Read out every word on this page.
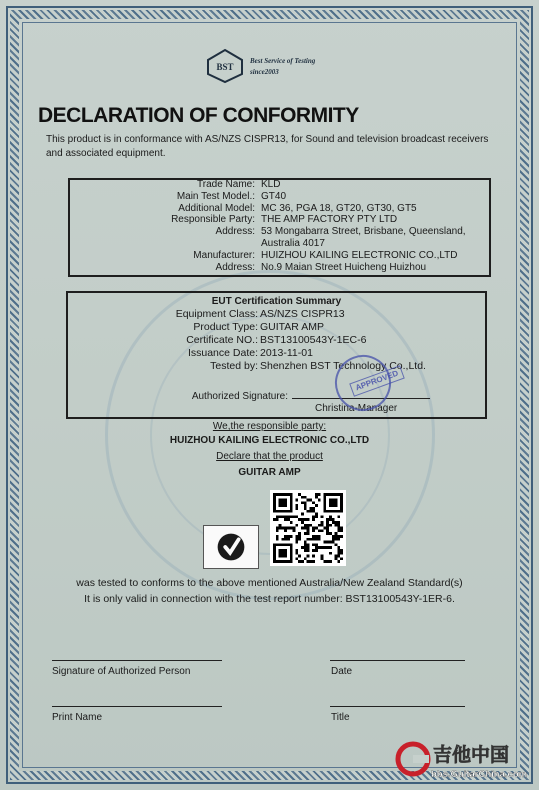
BST
Best Service of Testing
since2003
DECLARATION OF CONFORMITY
This product is in conformance with AS/NZS CISPR13, for Sound and television broadcast receivers and associated equipment.
Trade Name: KLD
Main Test Model.: GT40
Additional Model: MC 36, PGA 18, GT20, GT30, GT5
Responsible Party: THE AMP FACTORY PTY LTD
Address: 53 Mongabarra Street, Brisbane, Queensland,
Australia 4017
Manufacturer: HUIZHOU KAILING ELECTRONIC CO.,LTD
Address: No.9 Maian Street Huicheng Huizhou
EUT Certification Summary
Equipment Class: AS/NZS CISPR13
Product Type: GUITAR AMP
Certificate NO.: BST13100543Y-1EC-6
Issuance Date: 2013-11-01
Tested by: Shenzhen BST Technology Co.,Ltd.
Authorized Signature:
Christina-Manager
APPROVED
We,the responsible party:
HUIZHOU KAILING ELECTRONIC CO.,LTD
Declare that the product
GUITAR AMP
was tested to conforms to the above mentioned Australia/New Zealand Standard(s)
It is only valid in connection with the test report number: BST13100543Y-1ER-6.
Signature of Authorized Person	Date
Print Name	Title
吉他中国
bbs.GuitarChina.com
